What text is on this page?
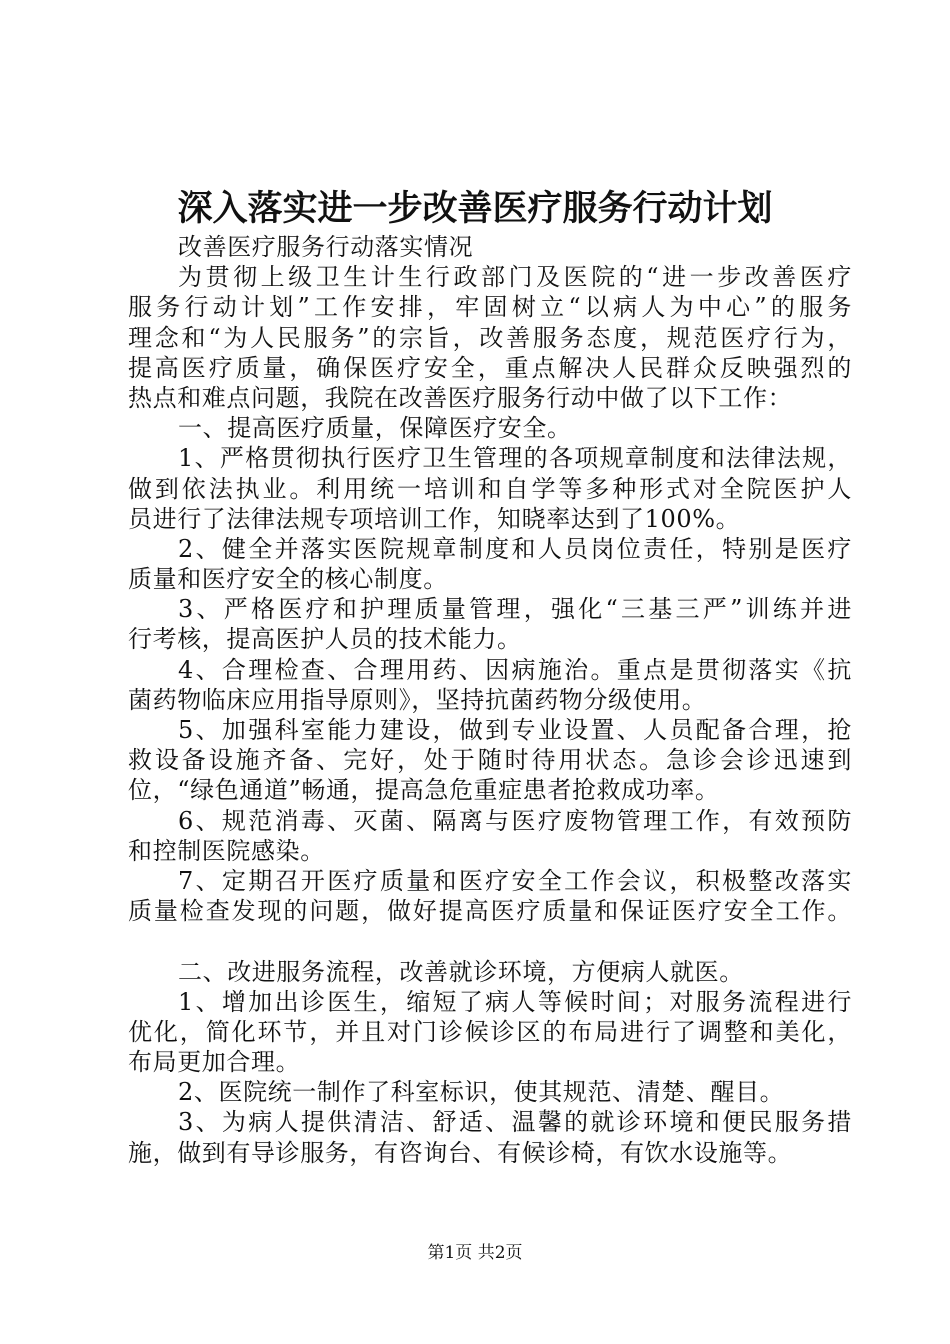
深入落实进一步改善医疗服务行动计划
改善医疗服务行动落实情况
为贯彻上级卫生计生行政部门及医院的“进一步改善医疗
服务行动计划”工作安排，牢固树立“以病人为中心”的服务
理念和“为人民服务”的宗旨，改善服务态度，规范医疗行为，
提高医疗质量，确保医疗安全，重点解决人民群众反映强烈的
热点和难点问题，我院在改善医疗服务行动中做了以下工作：
一、提高医疗质量，保障医疗安全。
1、严格贯彻执行医疗卫生管理的各项规章制度和法律法规，
做到依法执业。利用统一培训和自学等多种形式对全院医护人
员进行了法律法规专项培训工作，知晓率达到了100%。
2、健全并落实医院规章制度和人员岗位责任，特别是医疗
质量和医疗安全的核心制度。
3、严格医疗和护理质量管理，强化“三基三严”训练并进
行考核，提高医护人员的技术能力。
4、合理检查、合理用药、因病施治。重点是贯彻落实《抗
菌药物临床应用指导原则》，坚持抗菌药物分级使用。
5、加强科室能力建设，做到专业设置、人员配备合理，抢
救设备设施齐备、完好，处于随时待用状态。急诊会诊迅速到
位，“绿色通道”畅通，提高急危重症患者抢救成功率。
6、规范消毒、灭菌、隔离与医疗废物管理工作，有效预防
和控制医院感染。
7、定期召开医疗质量和医疗安全工作会议，积极整改落实
质量检查发现的问题，做好提高医疗质量和保证医疗安全工作。
二、改进服务流程，改善就诊环境，方便病人就医。
1、增加出诊医生，缩短了病人等候时间；对服务流程进行
优化，简化环节，并且对门诊候诊区的布局进行了调整和美化，
布局更加合理。
2、医院统一制作了科室标识，使其规范、清楚、醒目。
3、为病人提供清洁、舒适、温馨的就诊环境和便民服务措
施，做到有导诊服务，有咨询台、有候诊椅，有饮水设施等。
第1页 共2页
